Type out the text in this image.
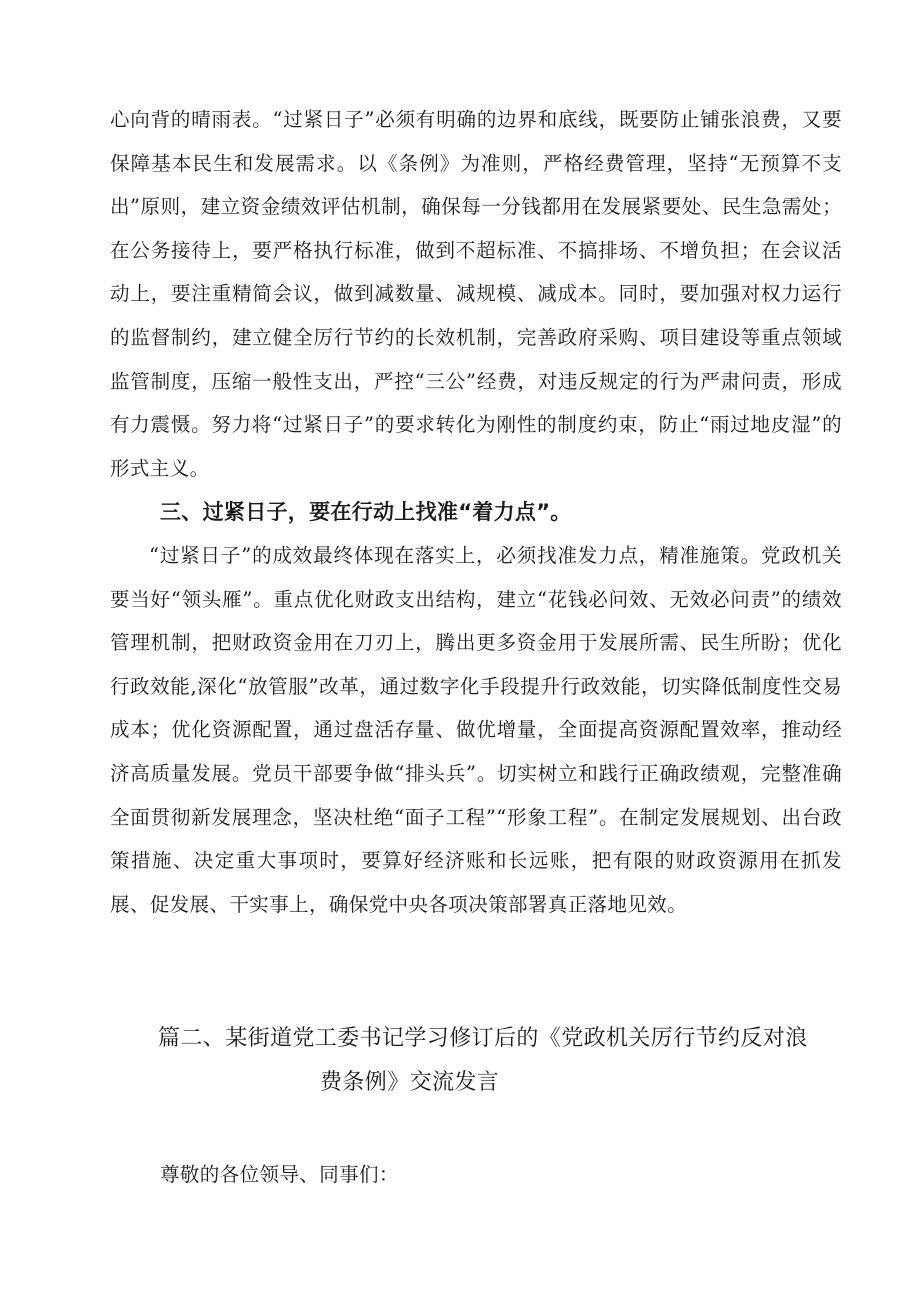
心向背的晴雨表。“过紧日子”必须有明确的边界和底线，既要防止铺张浪费，又要保障基本民生和发展需求。以《条例》为准则，严格经费管理，坚持“无预算不支出”原则，建立资金绩效评估机制，确保每一分钱都用在发展紧要处、民生急需处；在公务接待上，要严格执行标准，做到不超标准、不搞排场、不增负担；在会议活动上，要注重精简会议，做到减数量、减规模、减成本。同时，要加强对权力运行的监督制约，建立健全厉行节约的长效机制，完善政府采购、项目建设等重点领域监管制度，压缩一般性支出，严控“三公”经费，对违反规定的行为严肃问责，形成有力震慑。努力将“过紧日子”的要求转化为刚性的制度约束，防止“雨过地皮湿”的形式主义。

三、过紧日子，要在行动上找准“着力点”。

“过紧日子”的成效最终体现在落实上，必须找准发力点，精准施策。党政机关要当好“领头雁”。重点优化财政支出结构，建立“花钱必问效、无效必问责”的绩效管理机制，把财政资金用在刀刃上，腾出更多资金用于发展所需、民生所盼；优化行政效能,深化“放管服”改革，通过数字化手段提升行政效能，切实降低制度性交易成本；优化资源配置，通过盘活存量、做优增量，全面提高资源配置效率，推动经济高质量发展。党员干部要争做“排头兵”。切实树立和践行正确政绩观，完整准确全面贯彻新发展理念，坚决杜绝“面子工程”“形象工程”。在制定发展规划、出台政策措施、决定重大事项时，要算好经济账和长远账，把有限的财政资源用在抓发展、促发展、干实事上，确保党中央各项决策部署真正落地见效。

篇二、某街道党工委书记学习修订后的《党政机关厉行节约反对浪
费条例》交流发言

尊敬的各位领导、同事们：
